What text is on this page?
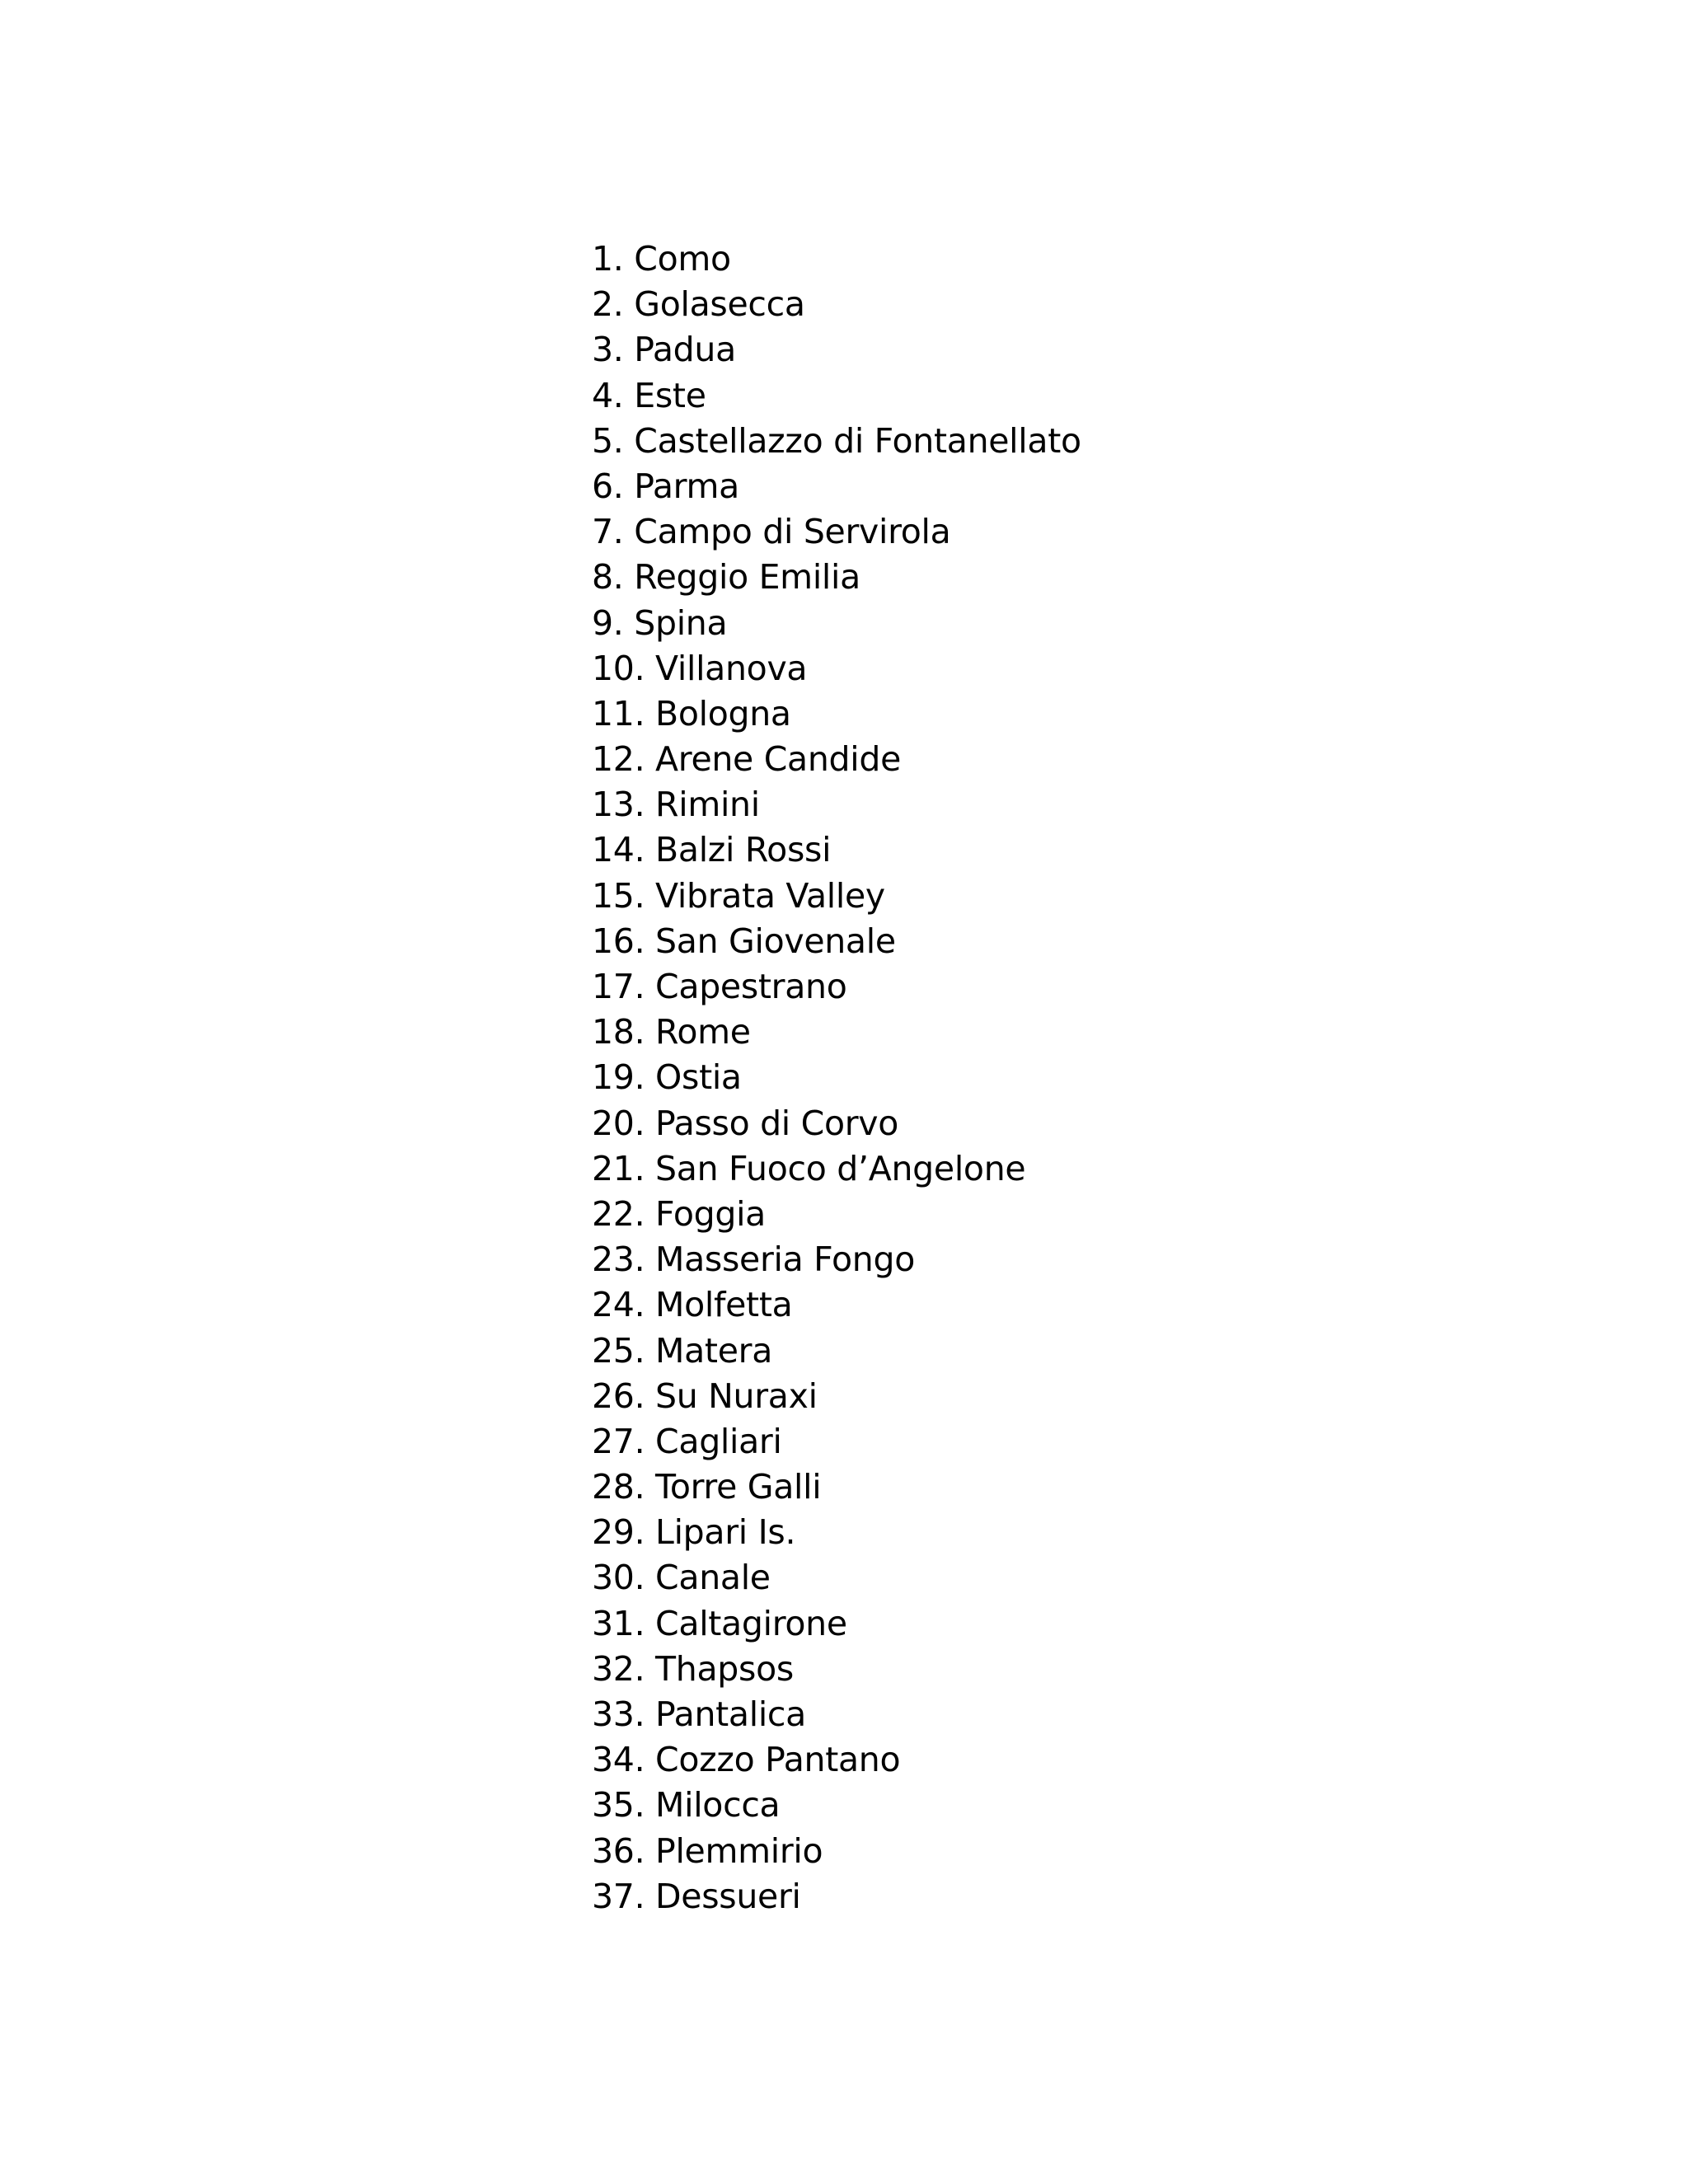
1. Como
2. Golasecca
3. Padua
4. Este
5. Castellazzo di Fontanellato
6. Parma
7. Campo di Servirola
8. Reggio Emilia
9. Spina
10. Villanova
11. Bologna
12. Arene Candide
13. Rimini
14. Balzi Rossi
15. Vibrata Valley
16. San Giovenale
17. Capestrano
18. Rome
19. Ostia
20. Passo di Corvo
21. San Fuoco d’Angelone
22. Foggia
23. Masseria Fongo
24. Molfetta
25. Matera
26. Su Nuraxi
27. Cagliari
28. Torre Galli
29. Lipari Is.
30. Canale
31. Caltagirone
32. Thapsos
33. Pantalica
34. Cozzo Pantano
35. Milocca
36. Plemmirio
37. Dessueri
